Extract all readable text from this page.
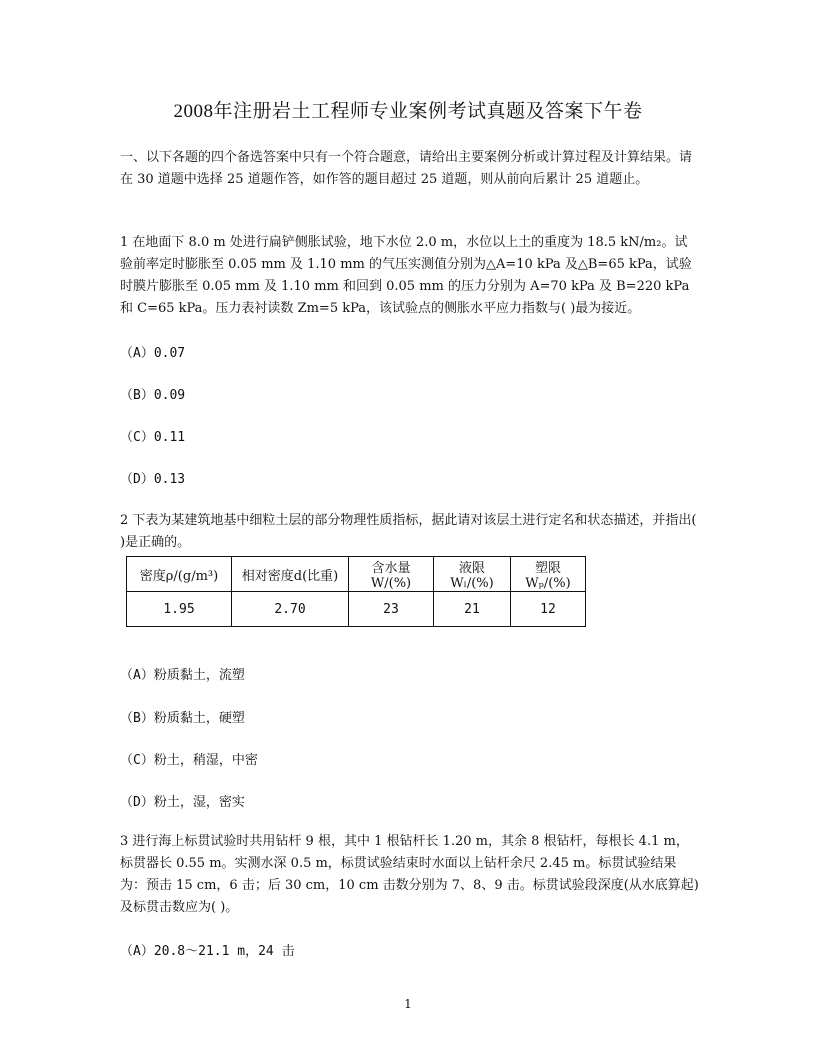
2008年注册岩土工程师专业案例考试真题及答案下午卷
一、以下各题的四个备选答案中只有一个符合题意，请给出主要案例分析或计算过程及计算结果。请在 30 道题中选择 25 道题作答，如作答的题目超过 25 道题，则从前向后累计 25 道题止。
1 在地面下 8.0 m 处进行扁铲侧胀试验，地下水位 2.0 m，水位以上土的重度为 18.5 kN/m₂。试验前率定时膨胀至 0.05 mm 及 1.10 mm 的气压实测值分别为△A=10 kPa 及△B=65 kPa，试验时膜片膨胀至 0.05 mm 及 1.10 mm 和回到 0.05 mm 的压力分别为 A=70 kPa 及 B=220 kPa 和 C=65 kPa。压力表衬读数 Zm=5 kPa，该试验点的侧胀水平应力指数与( )最为接近。
（A）0.07
（B）0.09
（C）0.11
（D）0.13
2 下表为某建筑地基中细粒土层的部分物理性质指标，据此请对该层土进行定名和状态描述，并指出( )是正确的。
密度ρ/(g/m³)	相对密度d(比重)	含水量W/(%)	液限Wₗ/(%)	塑限Wₚ/(%)
1.95	2.70	23	21	12
（A）粉质黏土，流塑
（B）粉质黏土，硬塑
（C）粉土，稍湿，中密
（D）粉土，湿，密实
3 进行海上标贯试验时共用钻杆 9 根，其中 1 根钻杆长 1.20 m，其余 8 根钻杆，每根长 4.1 m，标贯器长 0.55 m。实测水深 0.5 m，标贯试验结束时水面以上钻杆余尺 2.45 m。标贯试验结果为：预击 15 cm，6 击；后 30 cm，10 cm 击数分别为 7、8、9 击。标贯试验段深度(从水底算起)及标贯击数应为( )。
（A）20.8～21.1 m，24 击
1
